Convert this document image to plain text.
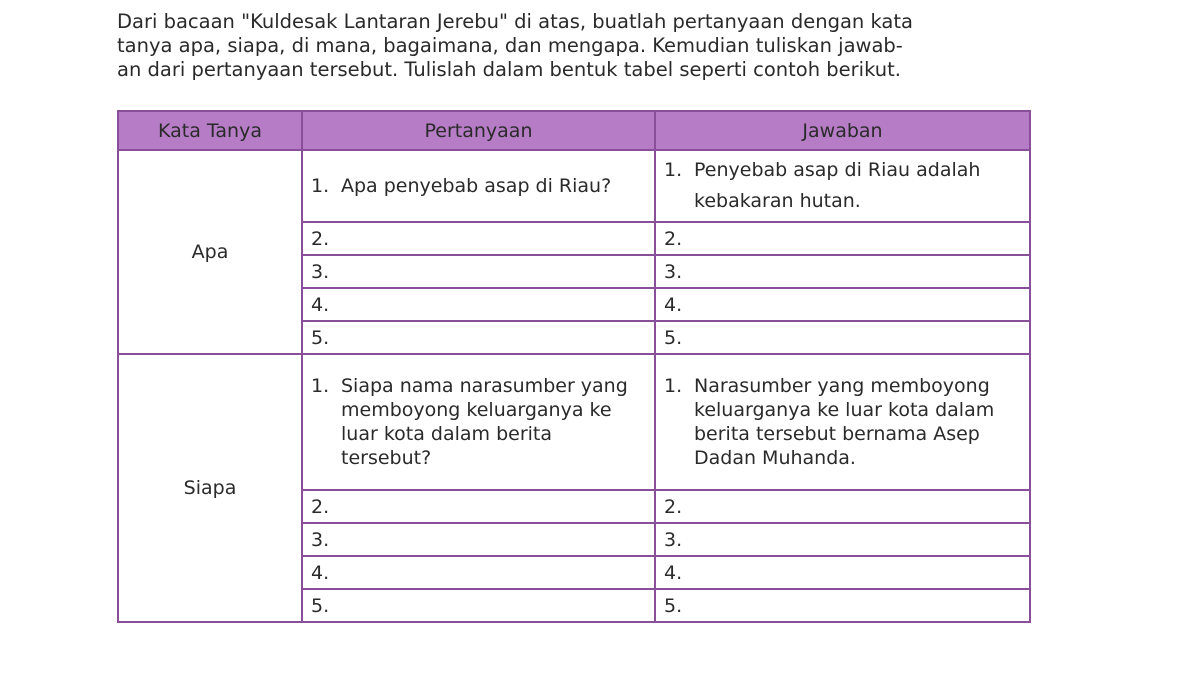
Dari bacaan "Kuldesak Lantaran Jerebu" di atas, buatlah pertanyaan dengan kata
tanya apa, siapa, di mana, bagaimana, dan mengapa. Kemudian tuliskan jawab-
an dari pertanyaan tersebut. Tulislah dalam bentuk tabel seperti contoh berikut.
Kata Tanya	Pertanyaan	Jawaban
Apa	1. Apa penyebab asap di Riau?	1. Penyebab asap di Riau adalah kebakaran hutan.

	2.	2.
	3.	3.
	4.	4.
	5.	5.
Siapa	1. Siapa nama narasumber yang memboyong keluarganya ke luar kota dalam berita tersebut?	1. Narasumber yang memboyong keluarganya ke luar kota dalam berita tersebut bernama Asep Dadan Muhanda.

	2.	2.
	3.	3.
	4.	4.
	5.	5.
